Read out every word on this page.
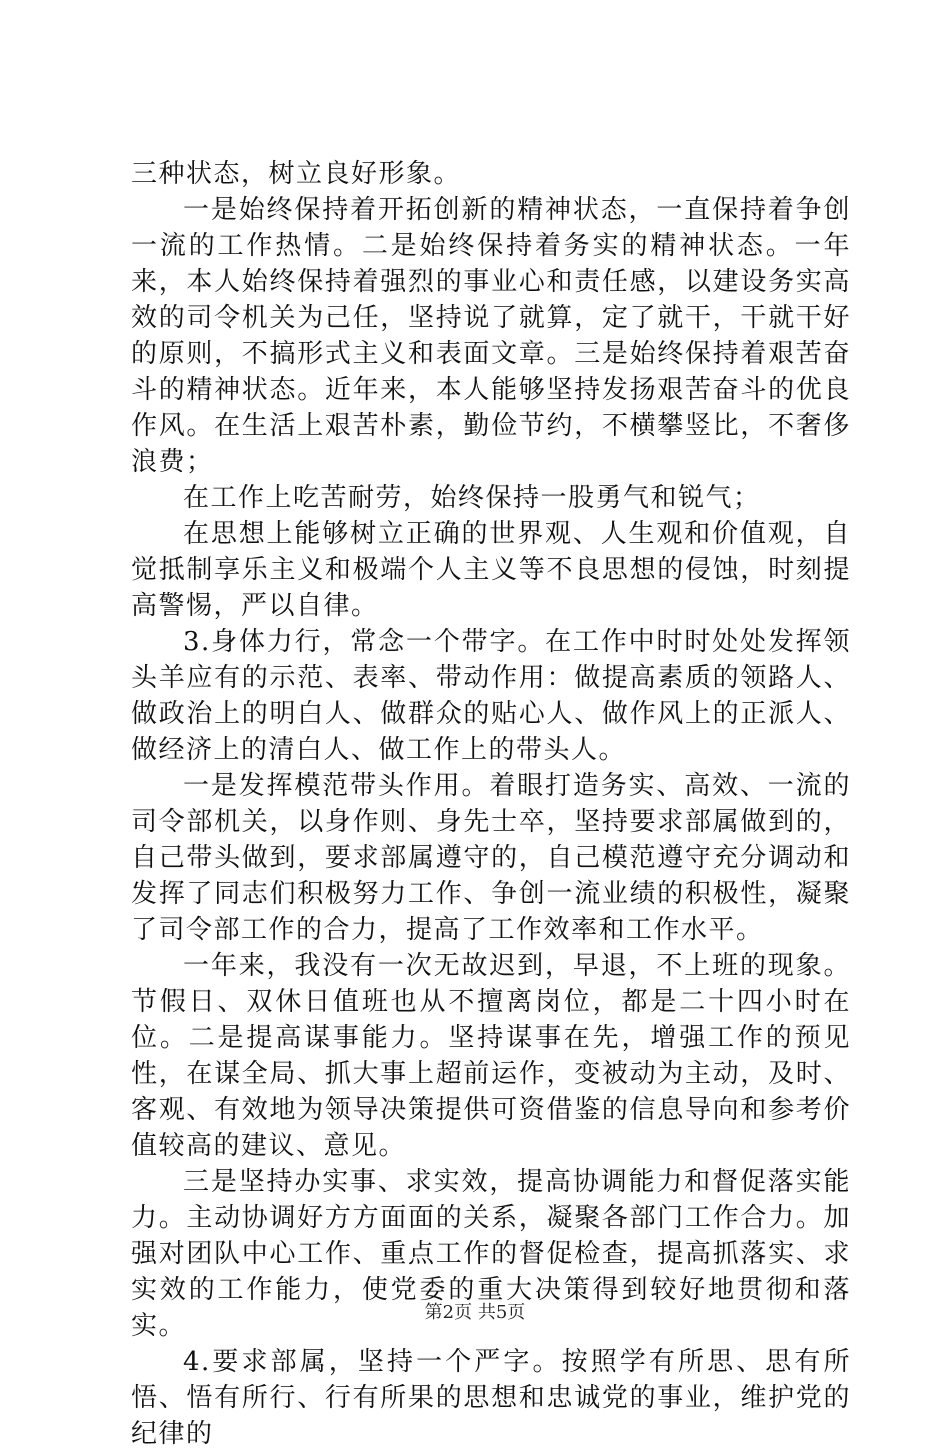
三种状态，树立良好形象。

一是始终保持着开拓创新的精神状态，一直保持着争创一流的工作热情。二是始终保持着务实的精神状态。一年来，本人始终保持着强烈的事业心和责任感，以建设务实高效的司令机关为己任，坚持说了就算，定了就干，干就干好的原则，不搞形式主义和表面文章。三是始终保持着艰苦奋斗的精神状态。近年来，本人能够坚持发扬艰苦奋斗的优良作风。在生活上艰苦朴素，勤俭节约，不横攀竖比，不奢侈浪费；

在工作上吃苦耐劳，始终保持一股勇气和锐气；

在思想上能够树立正确的世界观、人生观和价值观，自觉抵制享乐主义和极端个人主义等不良思想的侵蚀，时刻提高警惕，严以自律。

3.身体力行，常念一个带字。在工作中时时处处发挥领头羊应有的示范、表率、带动作用：做提高素质的领路人、做政治上的明白人、做群众的贴心人、做作风上的正派人、做经济上的清白人、做工作上的带头人。

一是发挥模范带头作用。着眼打造务实、高效、一流的司令部机关，以身作则、身先士卒，坚持要求部属做到的，自己带头做到，要求部属遵守的，自己模范遵守充分调动和发挥了同志们积极努力工作、争创一流业绩的积极性，凝聚了司令部工作的合力，提高了工作效率和工作水平。

一年来，我没有一次无故迟到，早退，不上班的现象。节假日、双休日值班也从不擅离岗位，都是二十四小时在位。二是提高谋事能力。坚持谋事在先，增强工作的预见性，在谋全局、抓大事上超前运作，变被动为主动，及时、客观、有效地为领导决策提供可资借鉴的信息导向和参考价值较高的建议、意见。

三是坚持办实事、求实效，提高协调能力和督促落实能力。主动协调好方方面面的关系，凝聚各部门工作合力。加强对团队中心工作、重点工作的督促检查，提高抓落实、求实效的工作能力，使党委的重大决策得到较好地贯彻和落实。

4.要求部属，坚持一个严字。按照学有所思、思有所悟、悟有所行、行有所果的思想和忠诚党的事业，维护党的纪律的

第2页 共5页
